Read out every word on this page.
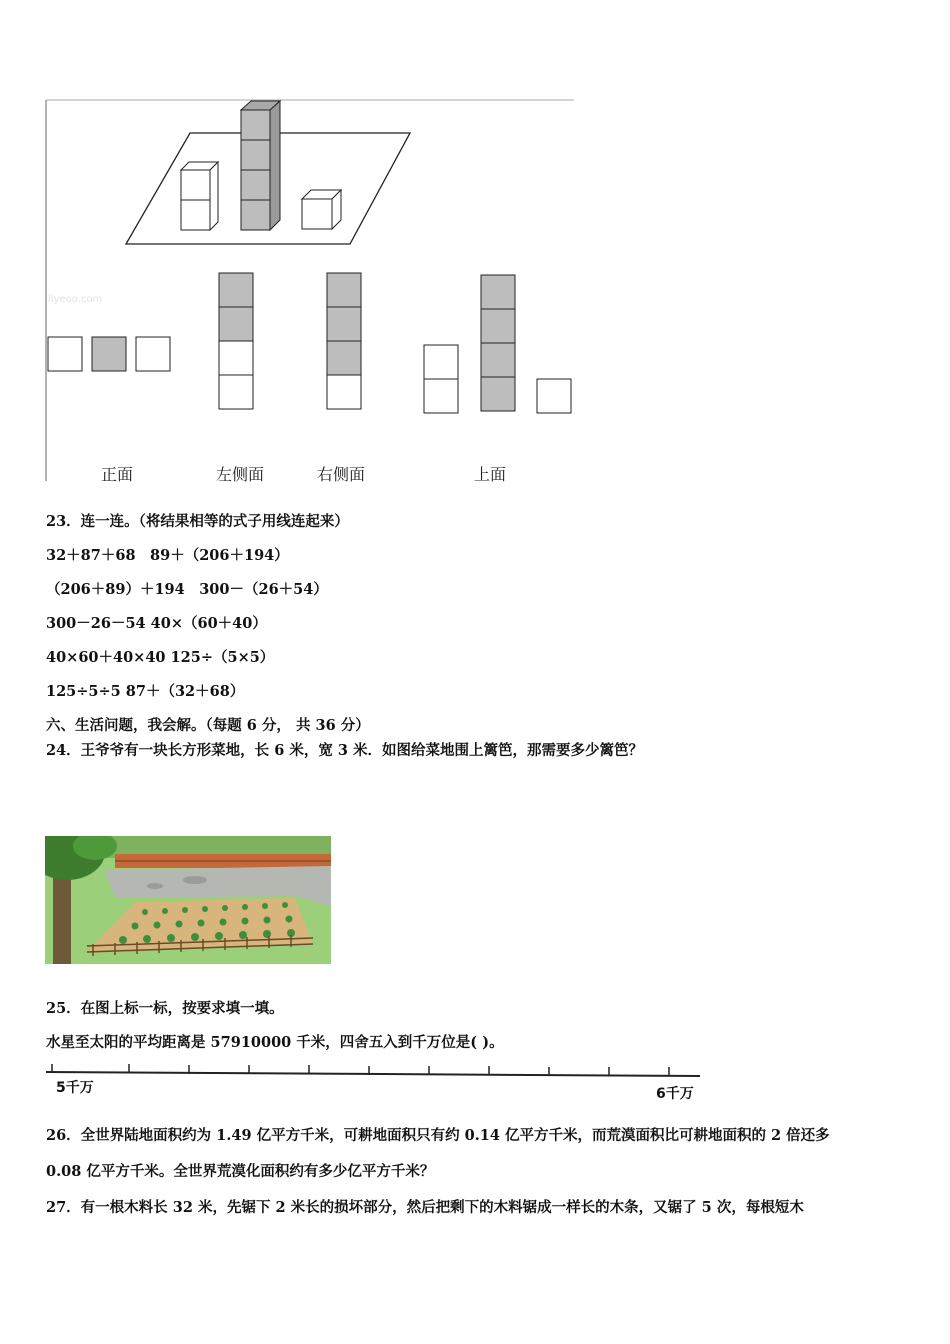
llyeoo.com
正面	左侧面	右侧面	上面
23．连一连。（将结果相等的式子用线连起来）
32＋87＋68　89＋（206＋194）
（206＋89）＋194　300－（26＋54）
300－26－54 40×（60＋40）
40×60＋40×40 125÷（5×5）
125÷5÷5 87＋（32＋68）
六、生活问题，我会解。（每题 6 分， 共 36 分）
24．王爷爷有一块长方形菜地，长 6 米，宽 3 米．如图给菜地围上篱笆，那需要多少篱笆？
25．在图上标一标，按要求填一填。
水星至太阳的平均距离是 57910000 千米，四舍五入到千万位是( )。
5千万	6千万
26．全世界陆地面积约为 1.49 亿平方千米，可耕地面积只有约 0.14 亿平方千米，而荒漠面积比可耕地面积的 2 倍还多
0.08 亿平方千米。全世界荒漠化面积约有多少亿平方千米？
27．有一根木料长 32 米，先锯下 2 米长的损坏部分，然后把剩下的木料锯成一样长的木条，又锯了 5 次，每根短木
